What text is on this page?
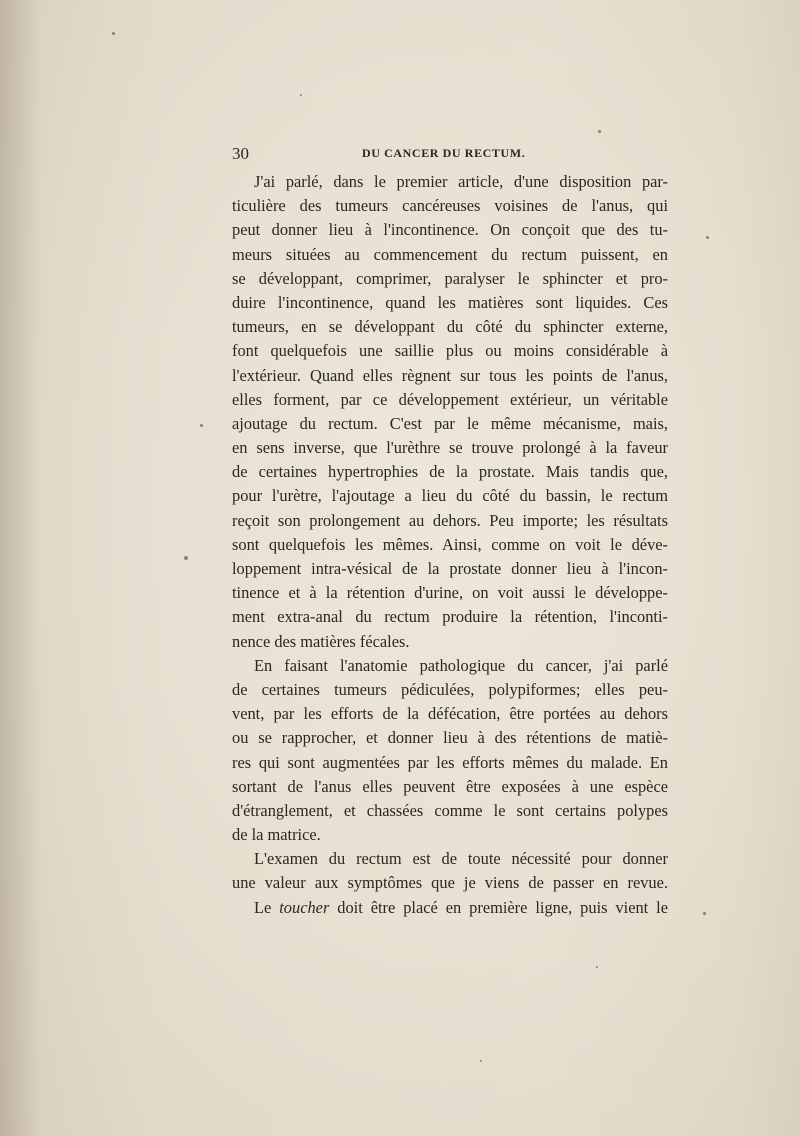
30	DU CANCER DU RECTUM.
J'ai parlé, dans le premier article, d'une disposition par-
ticulière des tumeurs cancéreuses voisines de l'anus, qui
peut donner lieu à l'incontinence. On conçoit que des tu-
meurs situées au commencement du rectum puissent, en
se développant, comprimer, paralyser le sphincter et pro-
duire l'incontinence, quand les matières sont liquides. Ces
tumeurs, en se développant du côté du sphincter externe,
font quelquefois une saillie plus ou moins considérable à
l'extérieur. Quand elles règnent sur tous les points de l'anus,
elles forment, par ce développement extérieur, un véritable
ajoutage du rectum. C'est par le même mécanisme, mais,
en sens inverse, que l'urèthre se trouve prolongé à la faveur
de certaines hypertrophies de la prostate. Mais tandis que,
pour l'urètre, l'ajoutage a lieu du côté du bassin, le rectum
reçoit son prolongement au dehors. Peu importe; les résultats
sont quelquefois les mêmes. Ainsi, comme on voit le déve-
loppement intra-vésical de la prostate donner lieu à l'incon-
tinence et à la rétention d'urine, on voit aussi le développe-
ment extra-anal du rectum produire la rétention, l'inconti-
nence des matières fécales.
En faisant l'anatomie pathologique du cancer, j'ai parlé
de certaines tumeurs pédiculées, polypiformes; elles peu-
vent, par les efforts de la défécation, être portées au dehors
ou se rapprocher, et donner lieu à des rétentions de matiè-
res qui sont augmentées par les efforts mêmes du malade. En
sortant de l'anus elles peuvent être exposées à une espèce
d'étranglement, et chassées comme le sont certains polypes
de la matrice.
L'examen du rectum est de toute nécessité pour donner
une valeur aux symptômes que je viens de passer en revue.
Le toucher doit être placé en première ligne, puis vient le
